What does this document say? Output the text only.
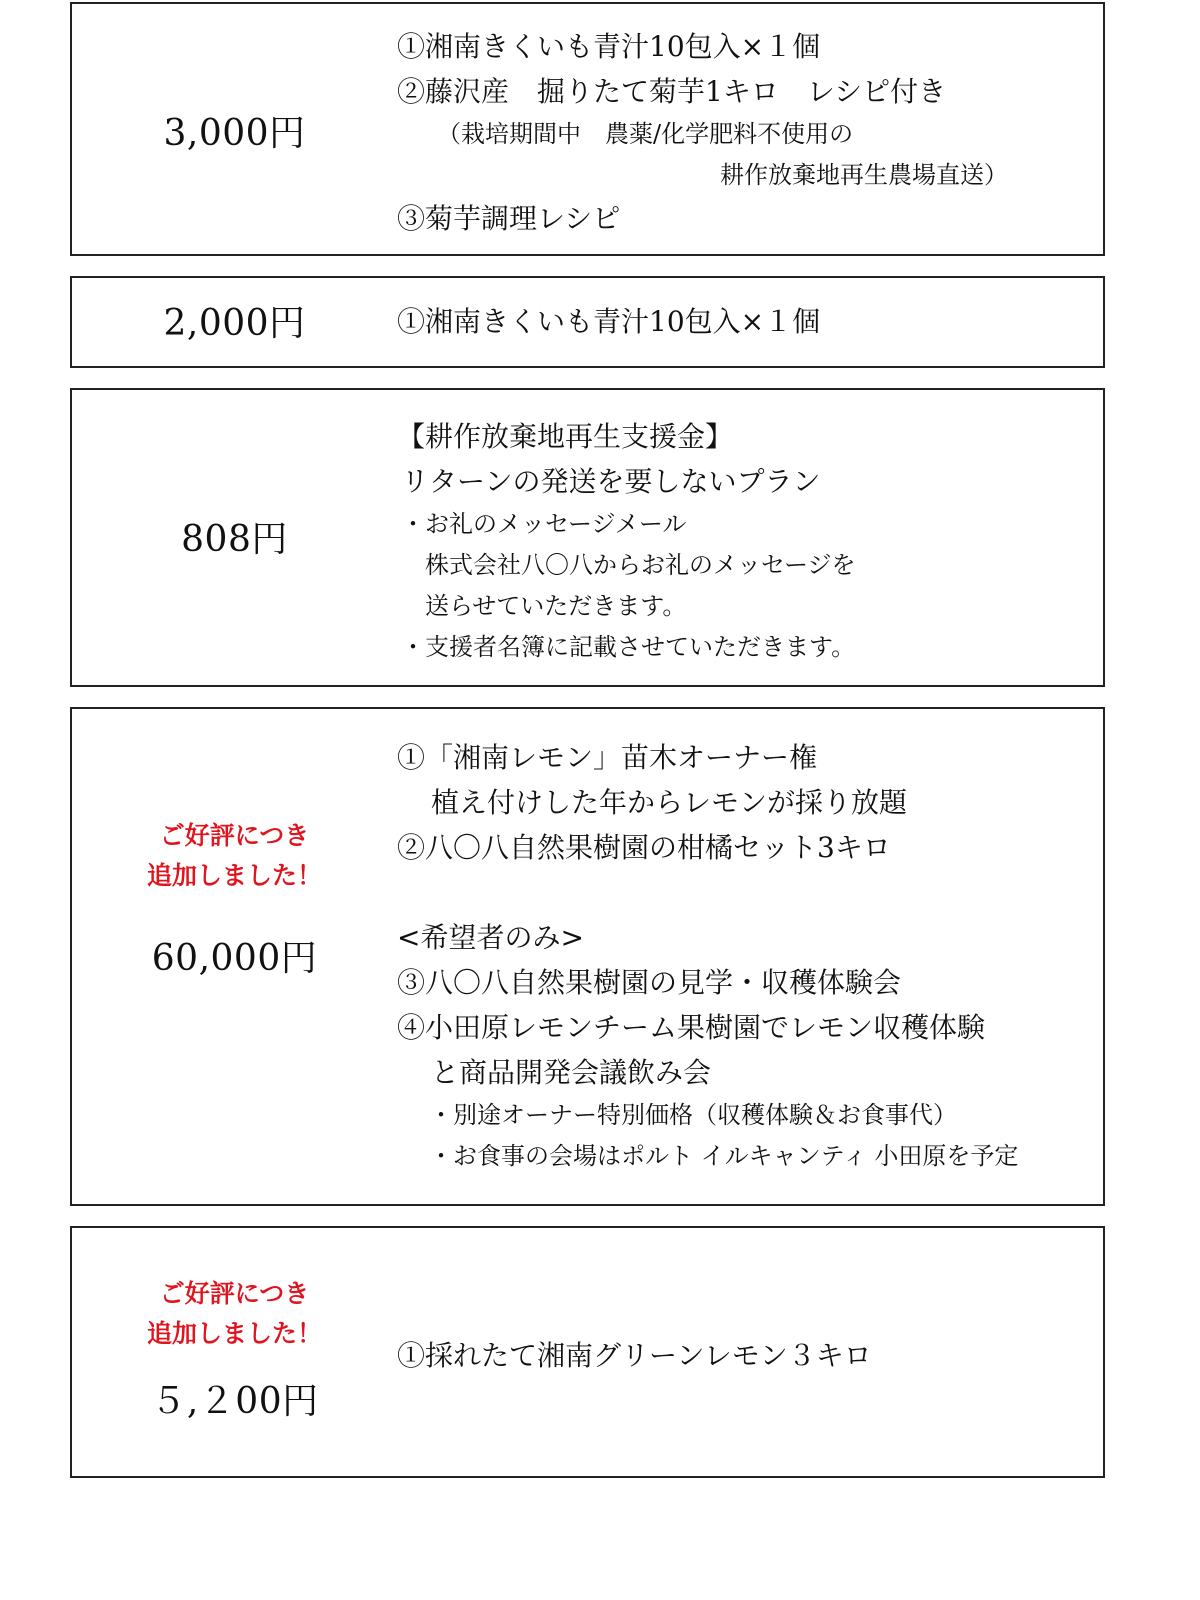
3,000円
①湘南きくいも青汁10包入×１個
②藤沢産　掘りたて菊芋1キロ　レシピ付き
（栽培期間中　農薬/化学肥料不使用の
耕作放棄地再生農場直送）
③菊芋調理レシピ
2,000円	①湘南きくいも青汁10包入×１個
808円
【耕作放棄地再生支援金】
リターンの発送を要しないプラン
・お礼のメッセージメール
株式会社八〇八からお礼のメッセージを
送らせていただきます。
・支援者名簿に記載させていただきます。
ご好評につき
追加しました！
60,000円
①「湘南レモン」苗木オーナー権
植え付けした年からレモンが採り放題
②八〇八自然果樹園の柑橘セット3キロ
<希望者のみ>
③八〇八自然果樹園の見学・収穫体験会
④小田原レモンチーム果樹園でレモン収穫体験
と商品開発会議飲み会
・別途オーナー特別価格（収穫体験＆お食事代）
・お食事の会場はポルト イルキャンティ 小田原を予定
ご好評につき
追加しました！
５,２00円
①採れたて湘南グリーンレモン３キロ
